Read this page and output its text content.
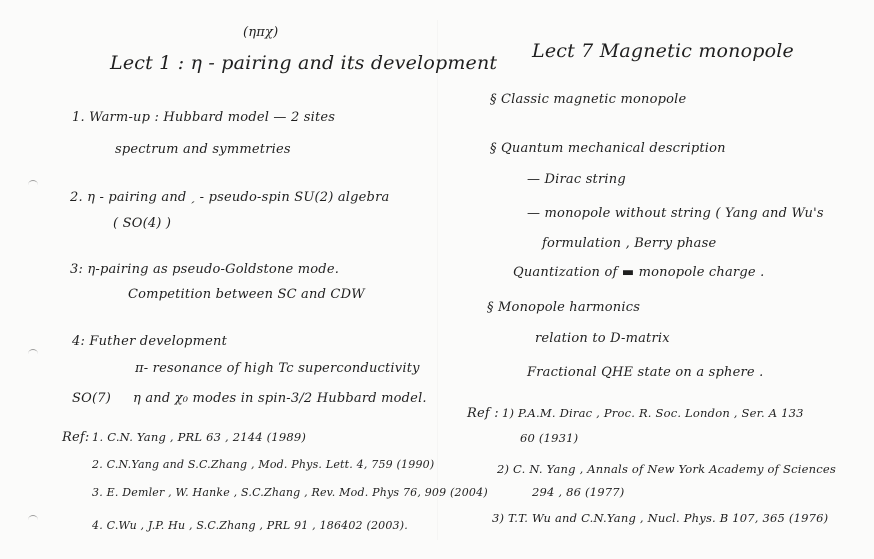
(ηπχ)
Lect 1 : η - pairing and its development
1. Warm-up : Hubbard model — 2 sites
spectrum and symmetries
2. η - pairing and ˏ ‐ pseudo-spin SU(2) algebra
( SO(4) )
3: η-pairing as pseudo-Goldstone mode.
Competition between SC and CDW
4: Futher development
π- resonance of high Tc superconductivity
SO(7) η and χ₀ modes in spin-3/2 Hubbard model.
Ref: 1. C.N. Yang , PRL 63 , 2144 (1989)
2. C.N.Yang and S.C.Zhang , Mod. Phys. Lett. 4, 759 (1990)
3. E. Demler , W. Hanke , S.C.Zhang , Rev. Mod. Phys 76, 909 (2004)
4. C.Wu , J.P. Hu , S.C.Zhang , PRL 91 , 186402 (2003).
Lect 7 Magnetic monopole
§ Classic magnetic monopole
§ Quantum mechanical description
— Dirac string
— monopole without string ( Yang and Wu's
formulation , Berry phase
Quantization of ▬ monopole charge .
§ Monopole harmonics
relation to D-matrix
Fractional QHE state on a sphere .
Ref : 1) P.A.M. Dirac , Proc. R. Soc. London , Ser. A 133
60 (1931)
2) C. N. Yang , Annals of New York Academy of Sciences
294 , 86 (1977)
3) T.T. Wu and C.N.Yang , Nucl. Phys. B 107, 365 (1976)
